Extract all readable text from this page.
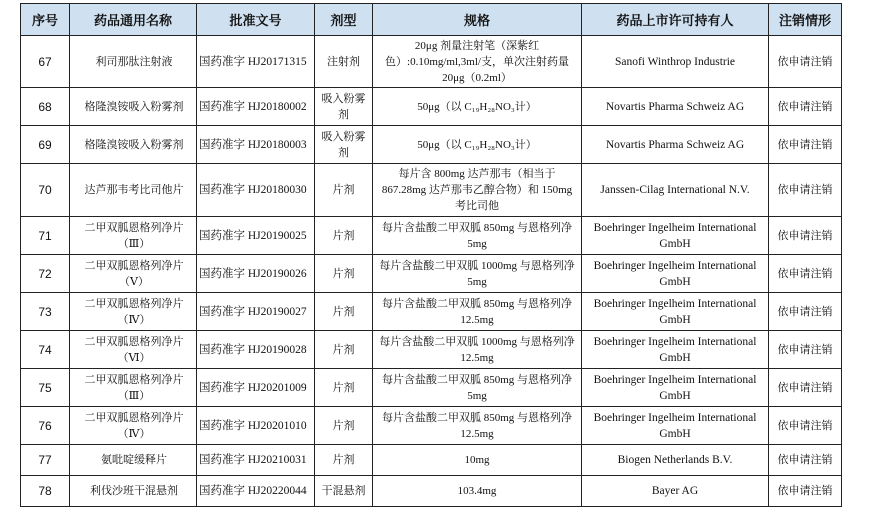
序号	药品通用名称	批准文号	剂型	规格	药品上市许可持有人	注销情形
67	利司那肽注射液	国药准字 HJ20171315	注射剂	20μg 剂量注射笔（深紫红色）:0.10mg/ml,3ml/支，单次注射药量 20μg（0.2ml）	Sanofi Winthrop Industrie	依申请注销
68	格隆溴铵吸入粉雾剂	国药准字 HJ20180002	吸入粉雾剂	50μg（以 C₁₉H₂₈NO₃计）	Novartis Pharma Schweiz AG	依申请注销
69	格隆溴铵吸入粉雾剂	国药准字 HJ20180003	吸入粉雾剂	50μg（以 C₁₉H₂₈NO₃计）	Novartis Pharma Schweiz AG	依申请注销
70	达芦那韦考比司他片	国药准字 HJ20180030	片剂	每片含 800mg 达芦那韦（相当于 867.28mg 达芦那韦乙醇合物）和 150mg 考比司他	Janssen-Cilag International N.V.	依申请注销
71	二甲双胍恩格列净片（Ⅲ）	国药准字 HJ20190025	片剂	每片含盐酸二甲双胍 850mg 与恩格列净 5mg	Boehringer Ingelheim International GmbH	依申请注销
72	二甲双胍恩格列净片（Ⅴ）	国药准字 HJ20190026	片剂	每片含盐酸二甲双胍 1000mg 与恩格列净 5mg	Boehringer Ingelheim International GmbH	依申请注销
73	二甲双胍恩格列净片（Ⅳ）	国药准字 HJ20190027	片剂	每片含盐酸二甲双胍 850mg 与恩格列净 12.5mg	Boehringer Ingelheim International GmbH	依申请注销
74	二甲双胍恩格列净片（Ⅵ）	国药准字 HJ20190028	片剂	每片含盐酸二甲双胍 1000mg 与恩格列净 12.5mg	Boehringer Ingelheim International GmbH	依申请注销
75	二甲双胍恩格列净片（Ⅲ）	国药准字 HJ20201009	片剂	每片含盐酸二甲双胍 850mg 与恩格列净 5mg	Boehringer Ingelheim International GmbH	依申请注销
76	二甲双胍恩格列净片（Ⅳ）	国药准字 HJ20201010	片剂	每片含盐酸二甲双胍 850mg 与恩格列净 12.5mg	Boehringer Ingelheim International GmbH	依申请注销
77	氨吡啶缓释片	国药准字 HJ20210031	片剂	10mg	Biogen Netherlands B.V.	依申请注销
78	利伐沙班干混悬剂	国药准字 HJ20220044	干混悬剂	103.4mg	Bayer AG	依申请注销
